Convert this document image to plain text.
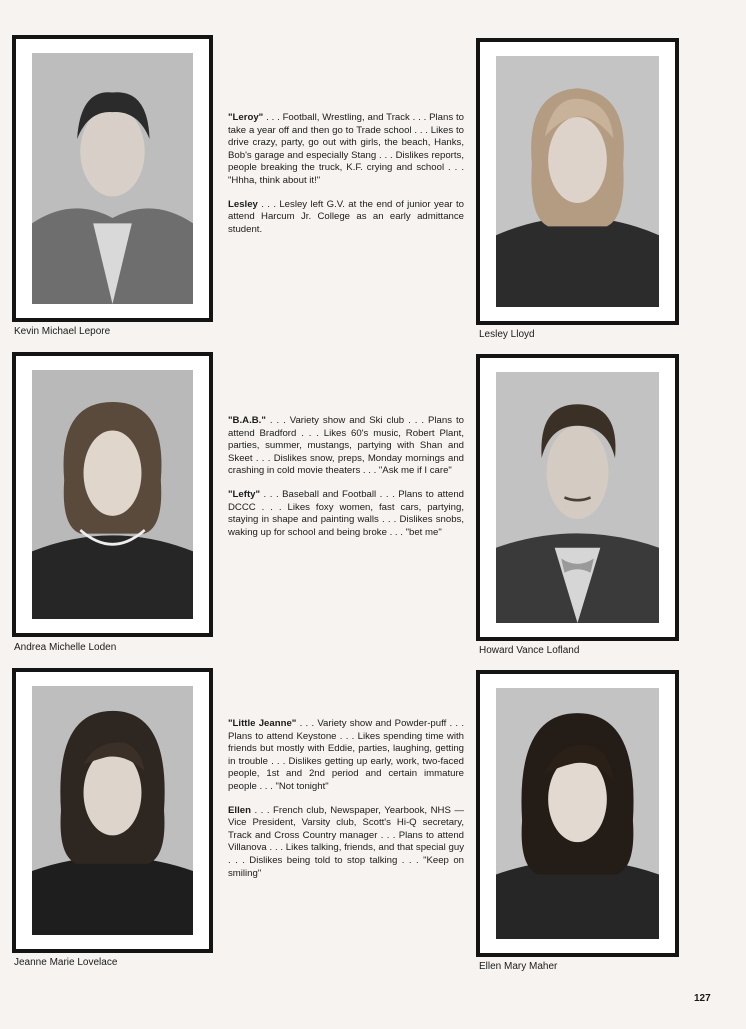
Kevin Michael Lepore	Lesley Lloyd
Andrea Michelle Loden	Howard Vance Lofland
Jeanne Marie Lovelace	Ellen Mary Maher

"Leroy" . . . Football, Wrestling, and Track . . . Plans to take a year off and then go to Trade school . . . Likes to drive crazy, party, go out with girls, the beach, Hanks, Bob's garage and especially Stang . . . Dislikes reports, people breaking the truck, K.F. crying and school . . . "Hhha, think about it!"

Lesley . . . Lesley left G.V. at the end of junior year to attend Harcum Jr. College as an early admittance student.

"B.A.B." . . . Variety show and Ski club . . . Plans to attend Bradford . . . Likes 60's music, Robert Plant, parties, summer, mustangs, partying with Shan and Skeet . . . Dislikes snow, preps, Monday mornings and crashing in cold movie theaters . . . "Ask me if I care"

"Lefty" . . . Baseball and Football . . . Plans to attend DCCC . . . Likes foxy women, fast cars, partying, staying in shape and painting walls . . . Dislikes snobs, waking up for school and being broke . . . "bet me"

"Little Jeanne" . . . Variety show and Powder-puff . . . Plans to attend Keystone . . . Likes spending time with friends but mostly with Eddie, parties, laughing, getting in trouble . . . Dislikes getting up early, work, two-faced people, 1st and 2nd period and certain immature people . . . "Not tonight"

Ellen . . . French club, Newspaper, Yearbook, NHS — Vice President, Varsity club, Scott's Hi-Q secretary, Track and Cross Country manager . . . Plans to attend Villanova . . . Likes talking, friends, and that special guy . . . Dislikes being told to stop talking . . . "Keep on smiling"

127
